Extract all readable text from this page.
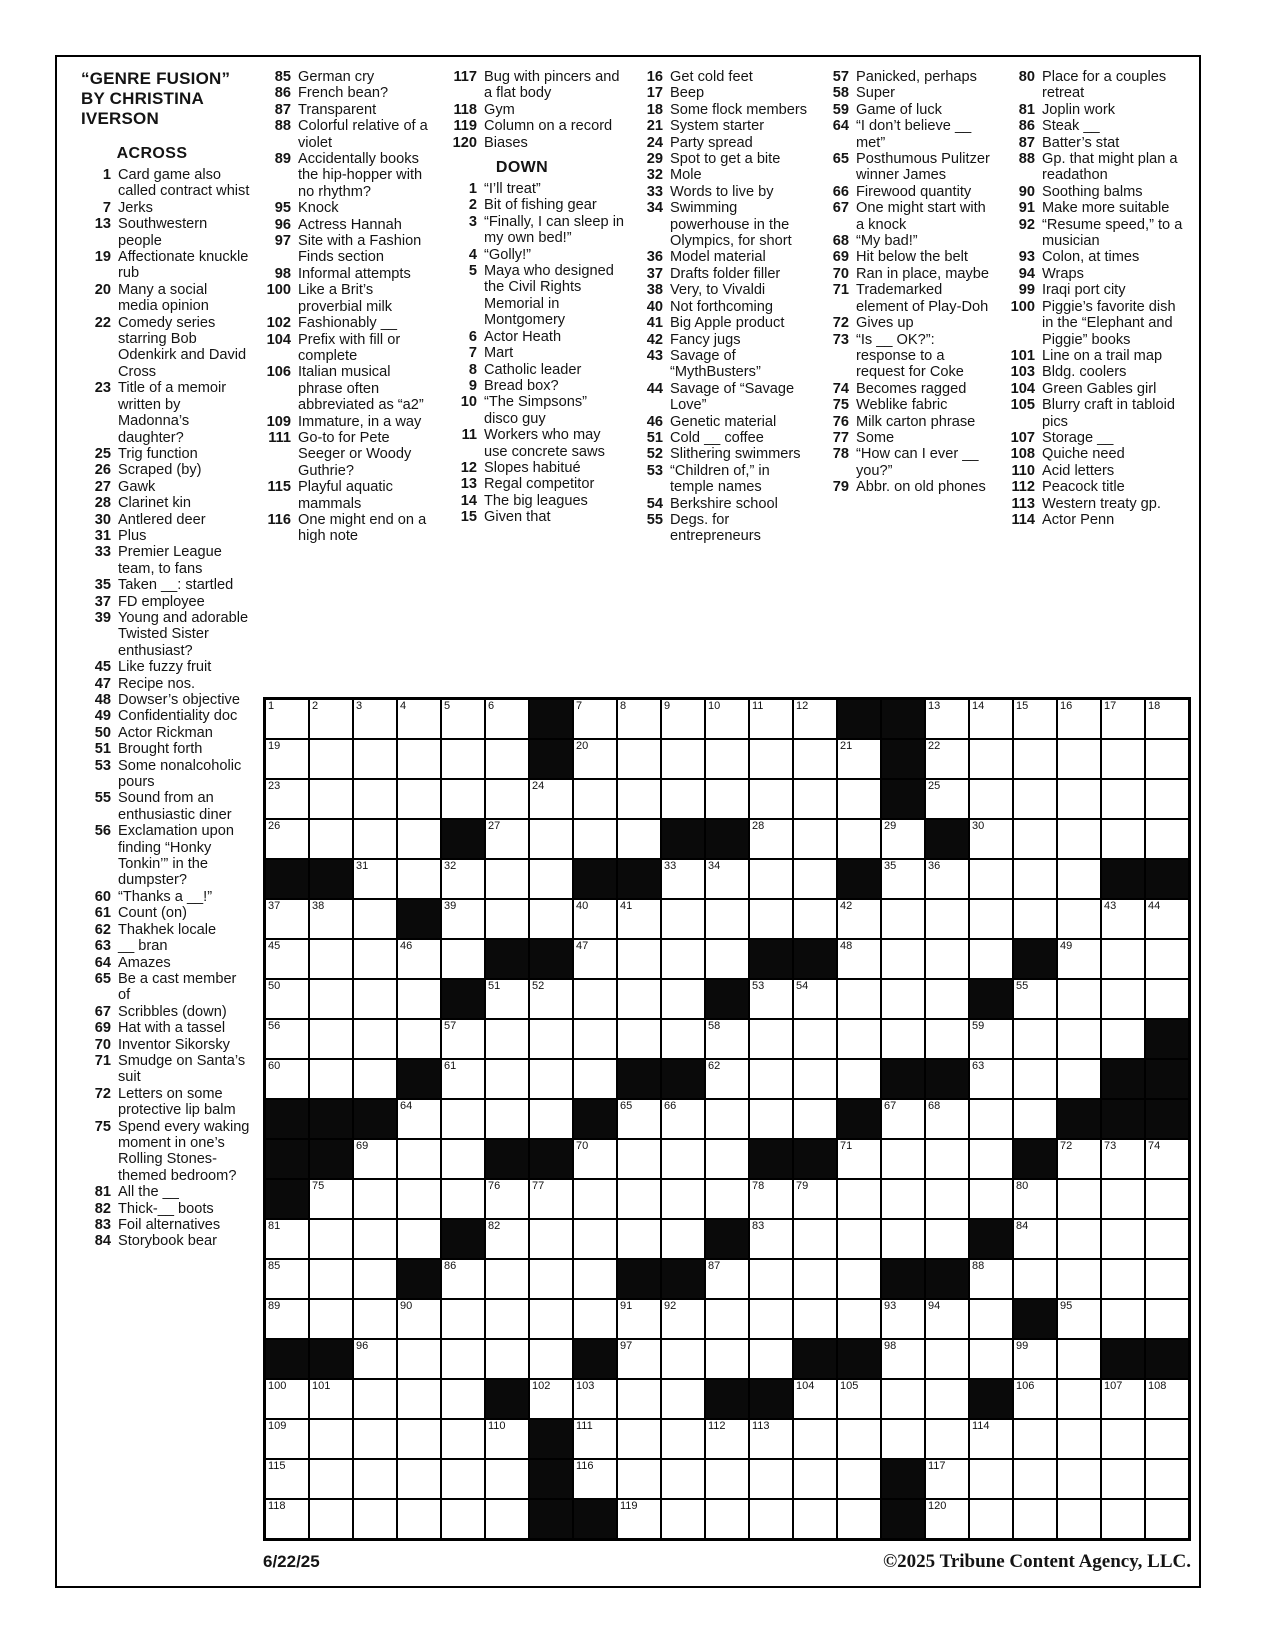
“GENRE FUSION”
BY CHRISTINA
IVERSON
ACROSS
1 Card game also called contract whist
7 Jerks
13 Southwestern people
19 Affectionate knuckle rub
20 Many a social media opinion
22 Comedy series starring Bob Odenkirk and David Cross
23 Title of a memoir written by Madonna’s daughter?
25 Trig function
26 Scraped (by)
27 Gawk
28 Clarinet kin
30 Antlered deer
31 Plus
33 Premier League team, to fans
35 Taken __: startled
37 FD employee
39 Young and adorable Twisted Sister enthusiast?
45 Like fuzzy fruit
47 Recipe nos.
48 Dowser’s objective
49 Confidentiality doc
50 Actor Rickman
51 Brought forth
53 Some nonalcoholic pours
55 Sound from an enthusiastic diner
56 Exclamation upon finding “Honky Tonkin’” in the dumpster?
60 “Thanks a __!”
61 Count (on)
62 Thakhek locale
63 __ bran
64 Amazes
65 Be a cast member of
67 Scribbles (down)
69 Hat with a tassel
70 Inventor Sikorsky
71 Smudge on Santa’s suit
72 Letters on some protective lip balm
75 Spend every waking moment in one’s Rolling Stones-themed bedroom?
81 All the __
82 Thick-__ boots
83 Foil alternatives
84 Storybook bear
85 German cry
86 French bean?
87 Transparent
88 Colorful relative of a violet
89 Accidentally books the hip-hopper with no rhythm?
95 Knock
96 Actress Hannah
97 Site with a Fashion Finds section
98 Informal attempts
100 Like a Brit’s proverbial milk
102 Fashionably __
104 Prefix with fill or complete
106 Italian musical phrase often abbreviated as “a2”
109 Immature, in a way
111 Go-to for Pete Seeger or Woody Guthrie?
115 Playful aquatic mammals
116 One might end on a high note
117 Bug with pincers and a flat body
118 Gym
119 Column on a record
120 Biases
DOWN
1 “I’ll treat”
2 Bit of fishing gear
3 “Finally, I can sleep in my own bed!”
4 “Golly!”
5 Maya who designed the Civil Rights Memorial in Montgomery
6 Actor Heath
7 Mart
8 Catholic leader
9 Bread box?
10 “The Simpsons” disco guy
11 Workers who may use concrete saws
12 Slopes habitué
13 Regal competitor
14 The big leagues
15 Given that
16 Get cold feet
17 Beep
18 Some flock members
21 System starter
24 Party spread
29 Spot to get a bite
32 Mole
33 Words to live by
34 Swimming powerhouse in the Olympics, for short
36 Model material
37 Drafts folder filler
38 Very, to Vivaldi
40 Not forthcoming
41 Big Apple product
42 Fancy jugs
43 Savage of “MythBusters”
44 Savage of “Savage Love”
46 Genetic material
51 Cold __ coffee
52 Slithering swimmers
53 “Children of,” in temple names
54 Berkshire school
55 Degs. for entrepreneurs
57 Panicked, perhaps
58 Super
59 Game of luck
64 “I don’t believe __ met”
65 Posthumous Pulitzer winner James
66 Firewood quantity
67 One might start with a knock
68 “My bad!”
69 Hit below the belt
70 Ran in place, maybe
71 Trademarked element of Play-Doh
72 Gives up
73 “Is __ OK?”: response to a request for Coke
74 Becomes ragged
75 Weblike fabric
76 Milk carton phrase
77 Some
78 “How can I ever __ you?”
79 Abbr. on old phones
80 Place for a couples retreat
81 Joplin work
86 Steak __
87 Batter’s stat
88 Gp. that might plan a readathon
90 Soothing balms
91 Make more suitable
92 “Resume speed,” to a musician
93 Colon, at times
94 Wraps
99 Iraqi port city
100 Piggie’s favorite dish in the “Elephant and Piggie” books
101 Line on a trail map
103 Bldg. coolers
104 Green Gables girl
105 Blurry craft in tabloid pics
107 Storage __
108 Quiche need
110 Acid letters
112 Peacock title
113 Western treaty gp.
114 Actor Penn
1	2	3	4	5	6	7	8	9	10	11	12	13	14	15	16	17	18
19	20	21	22
23	24	25
26	27	28	29	30
31	32	33	34	35	36
37	38	39	40	41	42	43	44
45	46	47	48	49
50	51	52	53	54	55
56	57	58	59
60	61	62	63
64	65	66	67	68
69	70	71	72	73	74
75	76	77	78	79	80
81	82	83	84
85	86	87	88
89	90	91	92	93	94	95
96	97	98	99
100 101	102 103	104 105	106	107 108
109	110	111	112 113	114
115	116	117
118	119	120
6/22/25	©2025 Tribune Content Agency, LLC.
